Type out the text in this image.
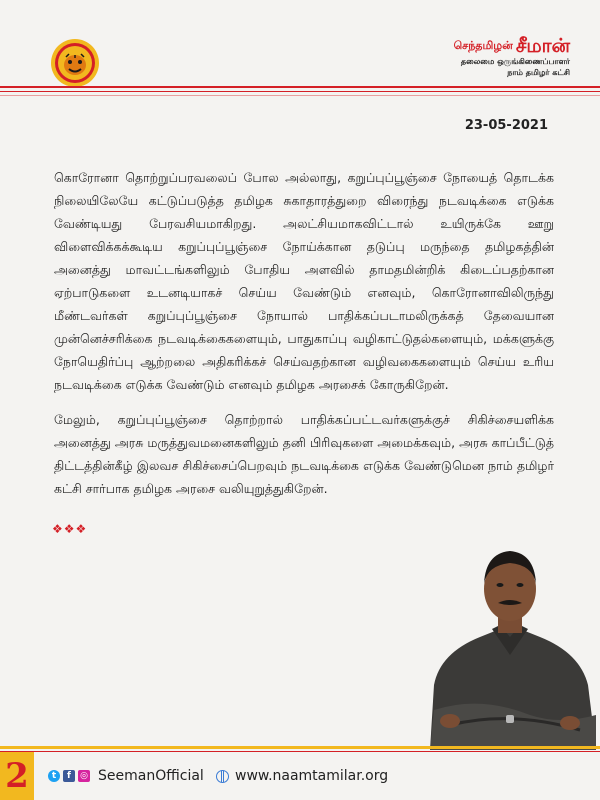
செந்தமிழன் சீமான்
தலைமை ஒருங்கிணைப்பாளர்
நாம் தமிழர் கட்சி
23-05-2021

கொரோனா தொற்றுப்பரவலைப் போல அல்லாது, கறுப்புப்பூஞ்சை நோயைத் தொடக்க நிலையிலேயே கட்டுப்படுத்த தமிழக சுகாதாரத்துறை விரைந்து நடவடிக்கை எடுக்க வேண்டியது பேரவசியமாகிறது. அலட்சியமாகவிட்டால் உயிருக்கே ஊறு விளைவிக்கக்கூடிய கறுப்புப்பூஞ்சை நோய்க்கான தடுப்பு மருந்தை தமிழகத்தின் அனைத்து மாவட்டங்களிலும் போதிய அளவில் தாமதமின்றிக் கிடைப்பதற்கான ஏற்பாடுகளை உடனடியாகச் செய்ய வேண்டும் எனவும், கொரோனாவிலிருந்து மீண்டவர்கள் கறுப்புப்பூஞ்சை நோயால் பாதிக்கப்படாமலிருக்கத் தேவையான முன்னெச்சரிக்கை நடவடிக்கைகளையும், பாதுகாப்பு வழிகாட்டுதல்களையும், மக்களுக்கு நோயெதிர்ப்பு ஆற்றலை அதிகரிக்கச் செய்வதற்கான வழிவகைகளையும் செய்ய உரிய நடவடிக்கை எடுக்க வேண்டும் எனவும் தமிழக அரசைக் கோருகிறேன்.

மேலும், கறுப்புப்பூஞ்சை தொற்றால் பாதிக்கப்பட்டவர்களுக்குச் சிகிச்சையளிக்க அனைத்து அரசு மருத்துவமனைகளிலும் தனி பிரிவுகளை அமைக்கவும், அரசு காப்பீட்டுத் திட்டத்தின்கீழ் இலவச சிகிச்சைப்பெறவும் நடவடிக்கை எடுக்க வேண்டுமென நாம் தமிழர் கட்சி சார்பாக தமிழக அரசை வலியுறுத்துகிறேன்.

❖❖❖
2	t	f	◎ SeemanOfficial www.naamtamilar.org
